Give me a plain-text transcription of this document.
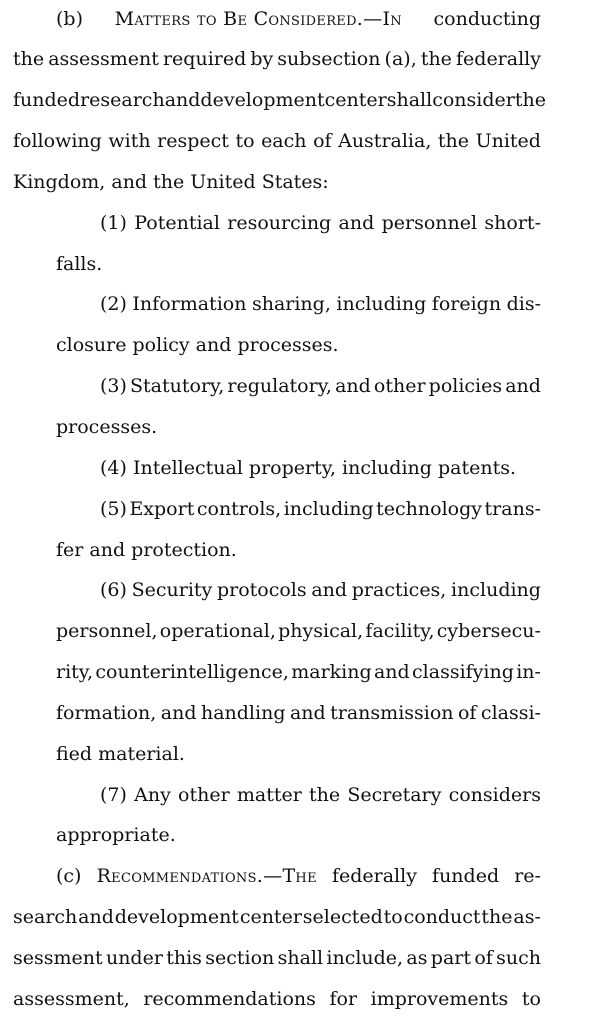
(b) Matters to Be Considered.—In conducting
the assessment required by subsection (a), the federally
funded research and development center shall consider the
following with respect to each of Australia, the United
Kingdom, and the United States:
(1) Potential resourcing and personnel short-
falls.
(2) Information sharing, including foreign dis-
closure policy and processes.
(3) Statutory, regulatory, and other policies and
processes.
(4) Intellectual property, including patents.
(5) Export controls, including technology trans-
fer and protection.
(6) Security protocols and practices, including
personnel, operational, physical, facility, cybersecu-
rity, counterintelligence, marking and classifying in-
formation, and handling and transmission of classi-
fied material.
(7) Any other matter the Secretary considers
appropriate.
(c) Recommendations.—The federally funded re-
search and development center selected to conduct the as-
sessment under this section shall include, as part of such
assessment, recommendations for improvements to
